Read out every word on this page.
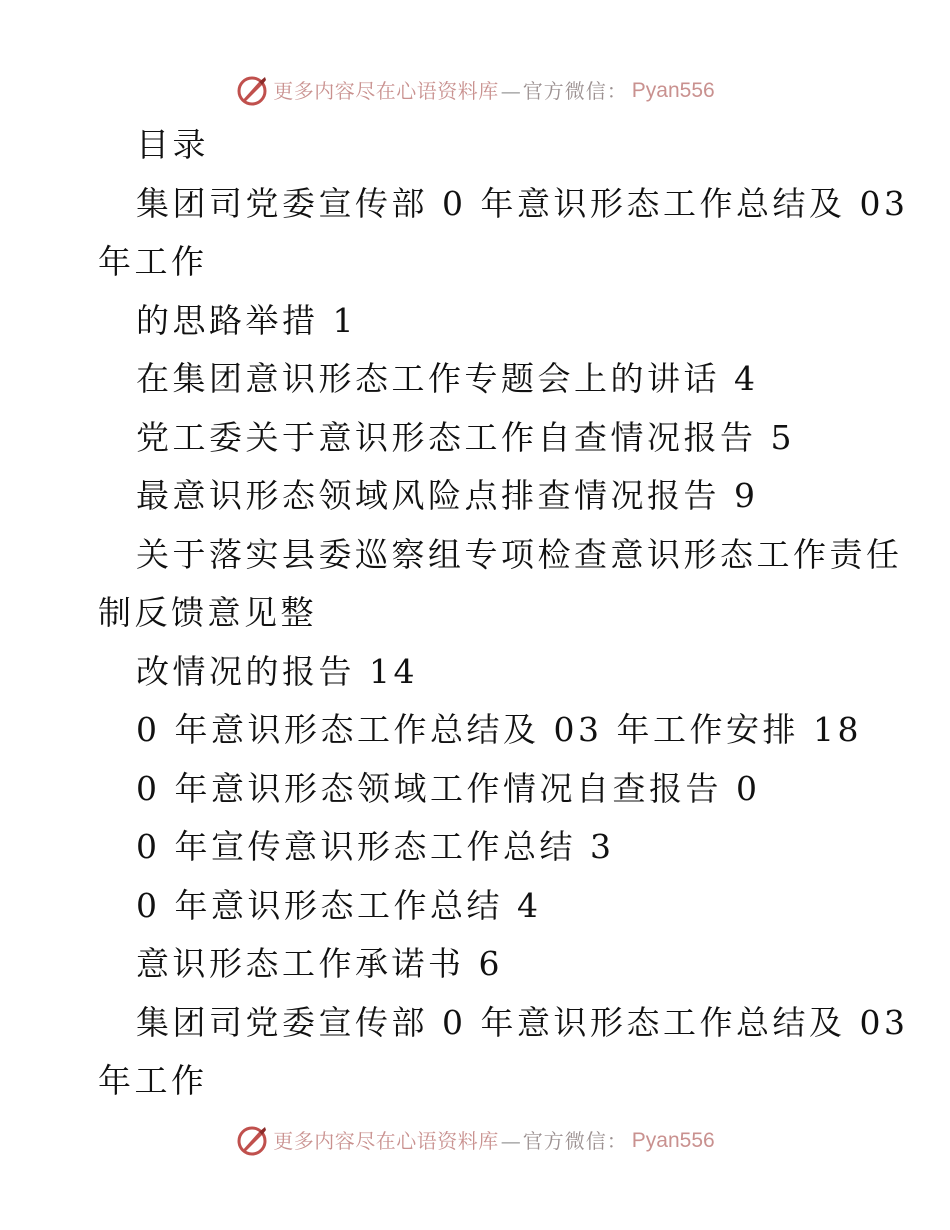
更多内容尽在心语资料库 — 官方微信： Pyan556
目录
集团司党委宣传部 0 年意识形态工作总结及 03
年工作
的思路举措 1
在集团意识形态工作专题会上的讲话 4
党工委关于意识形态工作自查情况报告 5
最意识形态领域风险点排查情况报告 9
关于落实县委巡察组专项检查意识形态工作责任
制反馈意见整
改情况的报告 14
0 年意识形态工作总结及 03 年工作安排 18
0 年意识形态领域工作情况自查报告 0
0 年宣传意识形态工作总结 3
0 年意识形态工作总结 4
意识形态工作承诺书 6
集团司党委宣传部 0 年意识形态工作总结及 03
年工作
更多内容尽在心语资料库 — 官方微信： Pyan556
